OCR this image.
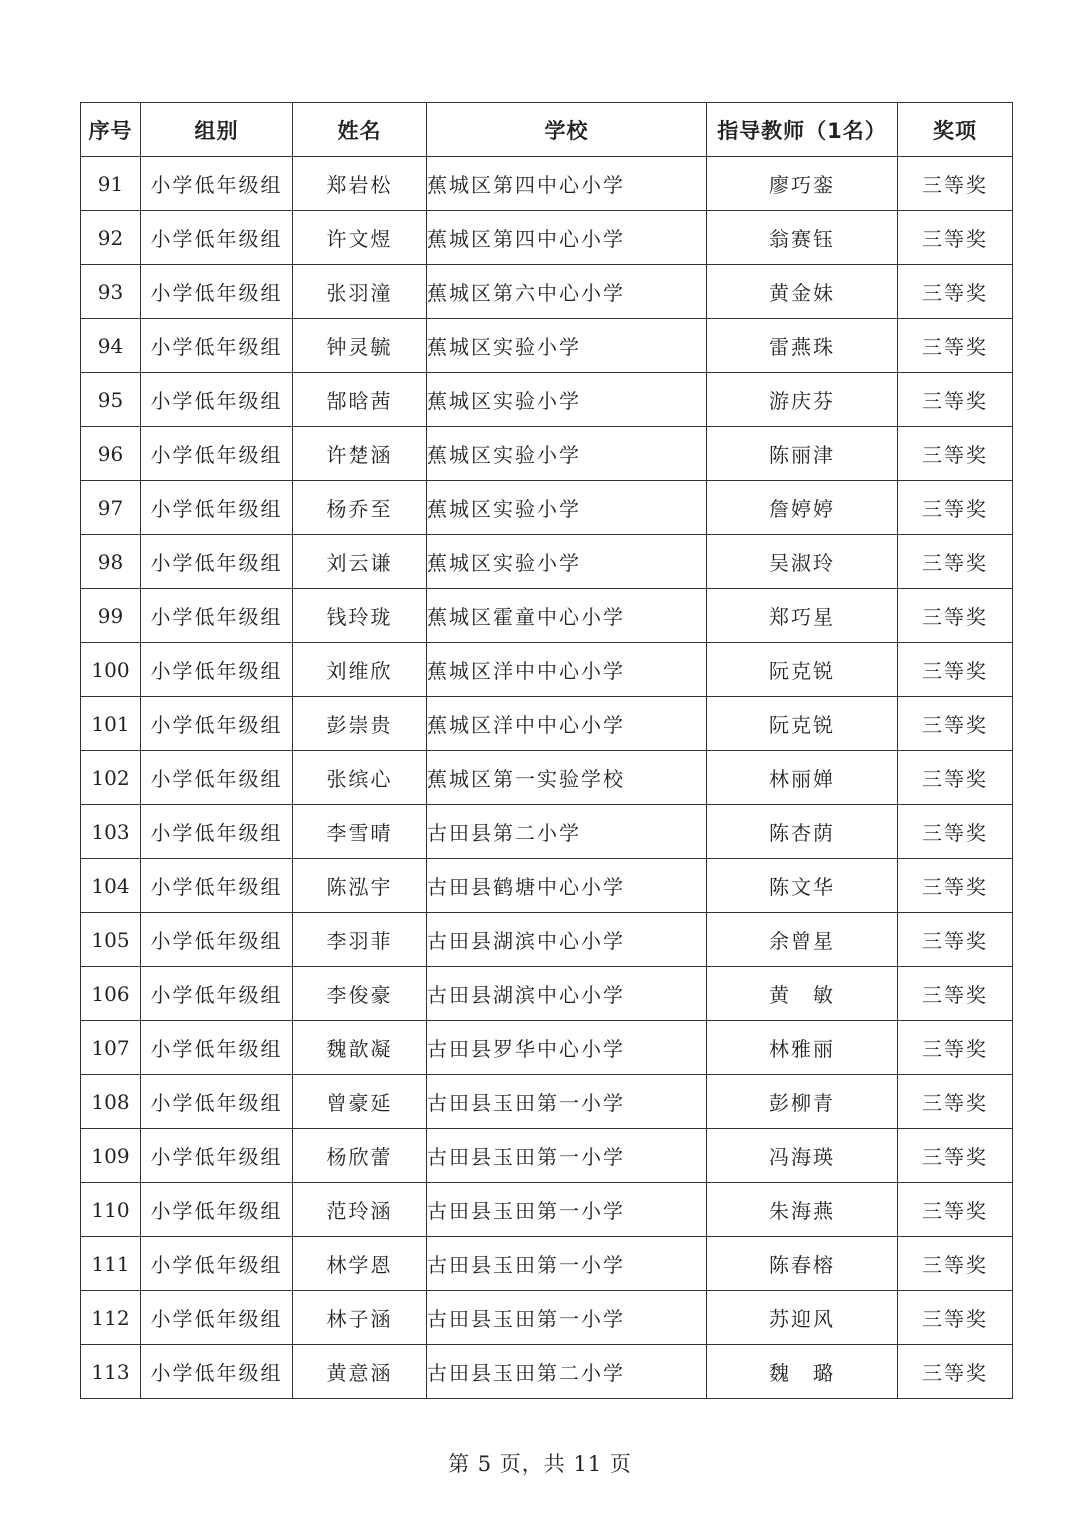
序号	组别	姓名	学校	指导教师（1名）	奖项
91	小学低年级组	郑岩松	蕉城区第四中心小学	廖巧銮	三等奖
92	小学低年级组	许文煜	蕉城区第四中心小学	翁赛钰	三等奖
93	小学低年级组	张羽潼	蕉城区第六中心小学	黄金妹	三等奖
94	小学低年级组	钟灵毓	蕉城区实验小学	雷燕珠	三等奖
95	小学低年级组	郜晗茜	蕉城区实验小学	游庆芬	三等奖
96	小学低年级组	许楚涵	蕉城区实验小学	陈丽津	三等奖
97	小学低年级组	杨乔至	蕉城区实验小学	詹婷婷	三等奖
98	小学低年级组	刘云谦	蕉城区实验小学	吴淑玲	三等奖
99	小学低年级组	钱玲珑	蕉城区霍童中心小学	郑巧星	三等奖
100	小学低年级组	刘维欣	蕉城区洋中中心小学	阮克锐	三等奖
101	小学低年级组	彭崇贵	蕉城区洋中中心小学	阮克锐	三等奖
102	小学低年级组	张缤心	蕉城区第一实验学校	林丽婵	三等奖
103	小学低年级组	李雪晴	古田县第二小学	陈杏荫	三等奖
104	小学低年级组	陈泓宇	古田县鹤塘中心小学	陈文华	三等奖
105	小学低年级组	李羽菲	古田县湖滨中心小学	余曾星	三等奖
106	小学低年级组	李俊豪	古田县湖滨中心小学	黄　敏	三等奖
107	小学低年级组	魏歆凝	古田县罗华中心小学	林雅丽	三等奖
108	小学低年级组	曾豪延	古田县玉田第一小学	彭柳青	三等奖
109	小学低年级组	杨欣蕾	古田县玉田第一小学	冯海瑛	三等奖
110	小学低年级组	范玲涵	古田县玉田第一小学	朱海燕	三等奖
111	小学低年级组	林学恩	古田县玉田第一小学	陈春榕	三等奖
112	小学低年级组	林子涵	古田县玉田第一小学	苏迎风	三等奖
113	小学低年级组	黄意涵	古田县玉田第二小学	魏　璐	三等奖
第 5 页，共 11 页
